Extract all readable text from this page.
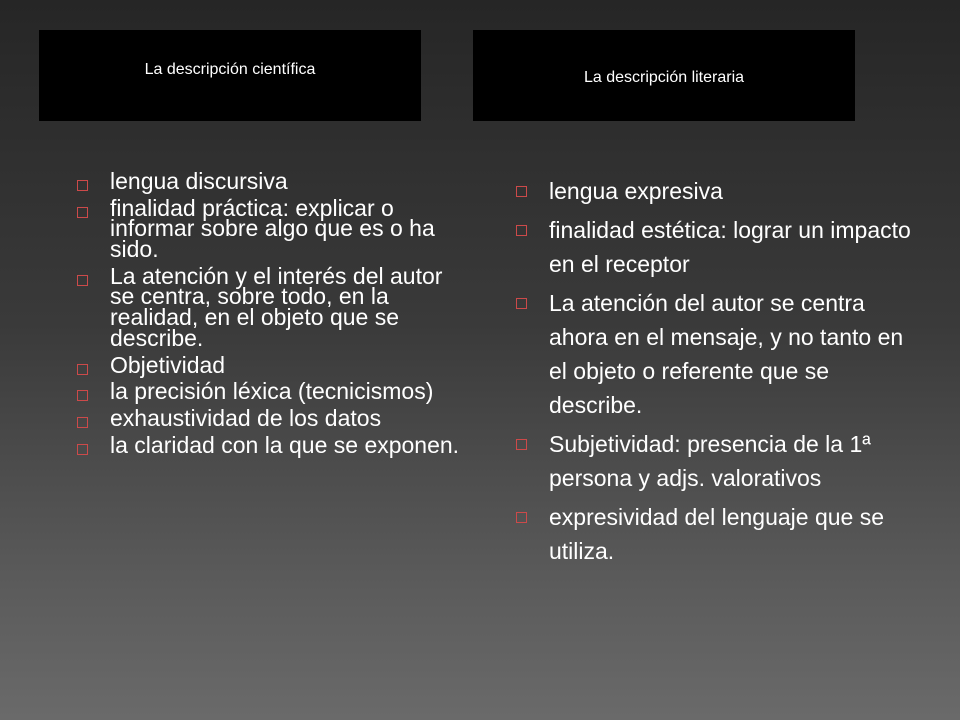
La descripción científica	La descripción literaria
lengua discursiva
finalidad práctica: explicar o informar sobre algo que es o ha sido.
La atención y el interés del autor se centra, sobre todo, en la realidad, en el objeto que se describe.
Objetividad
la precisión léxica (tecnicismos)
exhaustividad de los datos
la claridad con la que se exponen.
lengua expresiva
finalidad estética: lograr un impacto en el receptor
La atención del autor se centra ahora en el mensaje, y no tanto en el objeto o referente que se describe.
Subjetividad: presencia de la 1ª persona y adjs. valorativos
expresividad del lenguaje que se utiliza.
